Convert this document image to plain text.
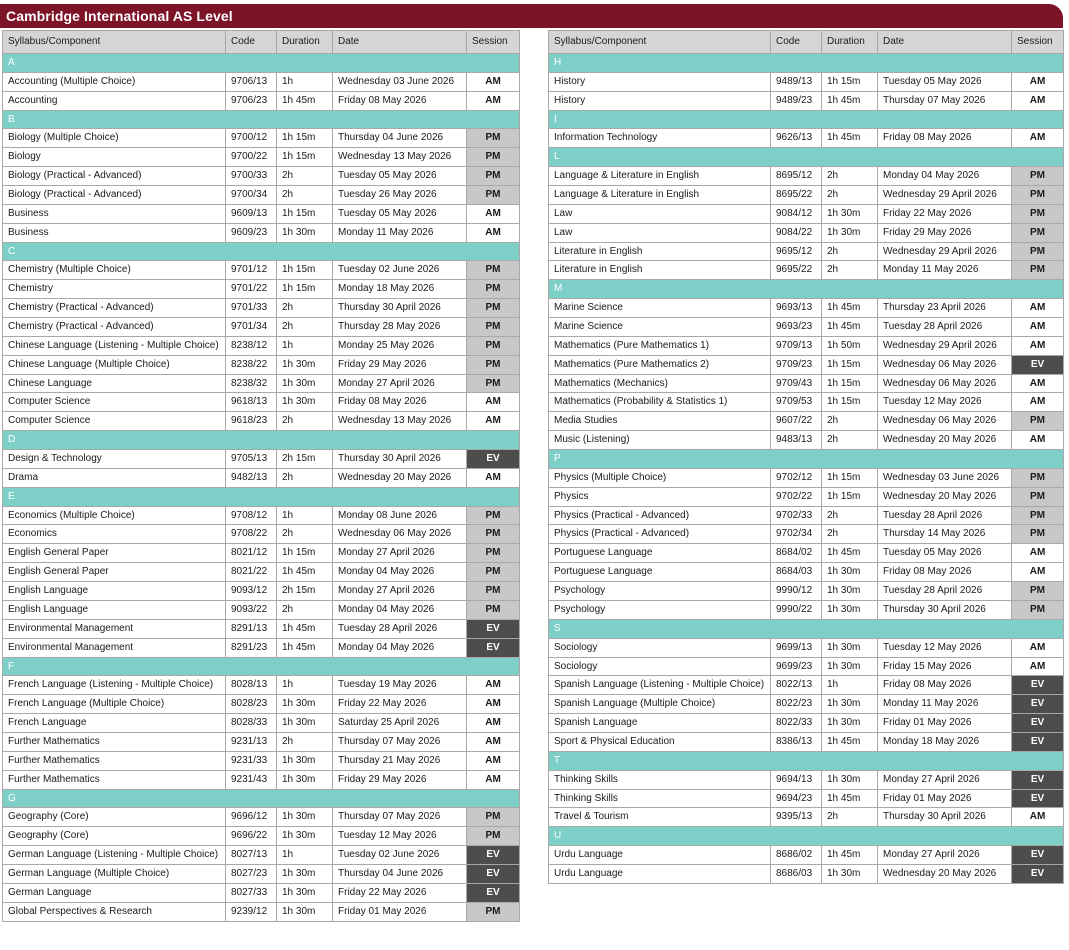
Cambridge International AS Level
Syllabus/Component	Code	Duration	Date	Session
A				
Accounting (Multiple Choice)	9706/13	1h	Wednesday 03 June 2026	AM
Accounting	9706/23	1h 45m	Friday 08 May 2026	AM
B				
Biology (Multiple Choice)	9700/12	1h 15m	Thursday 04 June 2026	PM
Biology	9700/22	1h 15m	Wednesday 13 May 2026	PM
Biology (Practical - Advanced)	9700/33	2h	Tuesday 05 May 2026	PM
Biology (Practical - Advanced)	9700/34	2h	Tuesday 26 May 2026	PM
Business	9609/13	1h 15m	Tuesday 05 May 2026	AM
Business	9609/23	1h 30m	Monday 11 May 2026	AM
C				
Chemistry (Multiple Choice)	9701/12	1h 15m	Tuesday 02 June 2026	PM
Chemistry	9701/22	1h 15m	Monday 18 May 2026	PM
Chemistry (Practical - Advanced)	9701/33	2h	Thursday 30 April 2026	PM
Chemistry (Practical - Advanced)	9701/34	2h	Thursday 28 May 2026	PM
Chinese Language (Listening - Multiple Choice)	8238/12	1h	Monday 25 May 2026	PM
Chinese Language (Multiple Choice)	8238/22	1h 30m	Friday 29 May 2026	PM
Chinese Language	8238/32	1h 30m	Monday 27 April 2026	PM
Computer Science	9618/13	1h 30m	Friday 08 May 2026	AM
Computer Science	9618/23	2h	Wednesday 13 May 2026	AM
D				
Design & Technology	9705/13	2h 15m	Thursday 30 April 2026	EV
Drama	9482/13	2h	Wednesday 20 May 2026	AM
E				
Economics (Multiple Choice)	9708/12	1h	Monday 08 June 2026	PM
Economics	9708/22	2h	Wednesday 06 May 2026	PM
English General Paper	8021/12	1h 15m	Monday 27 April 2026	PM
English General Paper	8021/22	1h 45m	Monday 04 May 2026	PM
English Language	9093/12	2h 15m	Monday 27 April 2026	PM
English Language	9093/22	2h	Monday 04 May 2026	PM
Environmental Management	8291/13	1h 45m	Tuesday 28 April 2026	EV
Environmental Management	8291/23	1h 45m	Monday 04 May 2026	EV
F				
French Language (Listening - Multiple Choice)	8028/13	1h	Tuesday 19 May 2026	AM
French Language (Multiple Choice)	8028/23	1h 30m	Friday 22 May 2026	AM
French Language	8028/33	1h 30m	Saturday 25 April 2026	AM
Further Mathematics	9231/13	2h	Thursday 07 May 2026	AM
Further Mathematics	9231/33	1h 30m	Thursday 21 May 2026	AM
Further Mathematics	9231/43	1h 30m	Friday 29 May 2026	AM
G				
Geography (Core)	9696/12	1h 30m	Thursday 07 May 2026	PM
Geography (Core)	9696/22	1h 30m	Tuesday 12 May 2026	PM
German Language (Listening - Multiple Choice)	8027/13	1h	Tuesday 02 June 2026	EV
German Language (Multiple Choice)	8027/23	1h 30m	Thursday 04 June 2026	EV
German Language	8027/33	1h 30m	Friday 22 May 2026	EV
Global Perspectives & Research	9239/12	1h 30m	Friday 01 May 2026	PM
Syllabus/Component	Code	Duration	Date	Session
H				
History	9489/13	1h 15m	Tuesday 05 May 2026	AM
History	9489/23	1h 45m	Thursday 07 May 2026	AM
I				
Information Technology	9626/13	1h 45m	Friday 08 May 2026	AM
L				
Language & Literature in English	8695/12	2h	Monday 04 May 2026	PM
Language & Literature in English	8695/22	2h	Wednesday 29 April 2026	PM
Law	9084/12	1h 30m	Friday 22 May 2026	PM
Law	9084/22	1h 30m	Friday 29 May 2026	PM
Literature in English	9695/12	2h	Wednesday 29 April 2026	PM
Literature in English	9695/22	2h	Monday 11 May 2026	PM
M				
Marine Science	9693/13	1h 45m	Thursday 23 April 2026	AM
Marine Science	9693/23	1h 45m	Tuesday 28 April 2026	AM
Mathematics (Pure Mathematics 1)	9709/13	1h 50m	Wednesday 29 April 2026	AM
Mathematics (Pure Mathematics 2)	9709/23	1h 15m	Wednesday 06 May 2026	EV
Mathematics (Mechanics)	9709/43	1h 15m	Wednesday 06 May 2026	AM
Mathematics (Probability & Statistics 1)	9709/53	1h 15m	Tuesday 12 May 2026	AM
Media Studies	9607/22	2h	Wednesday 06 May 2026	PM
Music (Listening)	9483/13	2h	Wednesday 20 May 2026	AM
P				
Physics (Multiple Choice)	9702/12	1h 15m	Wednesday 03 June 2026	PM
Physics	9702/22	1h 15m	Wednesday 20 May 2026	PM
Physics (Practical - Advanced)	9702/33	2h	Tuesday 28 April 2026	PM
Physics (Practical - Advanced)	9702/34	2h	Thursday 14 May 2026	PM
Portuguese Language	8684/02	1h 45m	Tuesday 05 May 2026	AM
Portuguese Language	8684/03	1h 30m	Friday 08 May 2026	AM
Psychology	9990/12	1h 30m	Tuesday 28 April 2026	PM
Psychology	9990/22	1h 30m	Thursday 30 April 2026	PM
S				
Sociology	9699/13	1h 30m	Tuesday 12 May 2026	AM
Sociology	9699/23	1h 30m	Friday 15 May 2026	AM
Spanish Language (Listening - Multiple Choice)	8022/13	1h	Friday 08 May 2026	EV
Spanish Language (Multiple Choice)	8022/23	1h 30m	Monday 11 May 2026	EV
Spanish Language	8022/33	1h 30m	Friday 01 May 2026	EV
Sport & Physical Education	8386/13	1h 45m	Monday 18 May 2026	EV
T				
Thinking Skills	9694/13	1h 30m	Monday 27 April 2026	EV
Thinking Skills	9694/23	1h 45m	Friday 01 May 2026	EV
Travel & Tourism	9395/13	2h	Thursday 30 April 2026	AM
U				
Urdu Language	8686/02	1h 45m	Monday 27 April 2026	EV
Urdu Language	8686/03	1h 30m	Wednesday 20 May 2026	EV
